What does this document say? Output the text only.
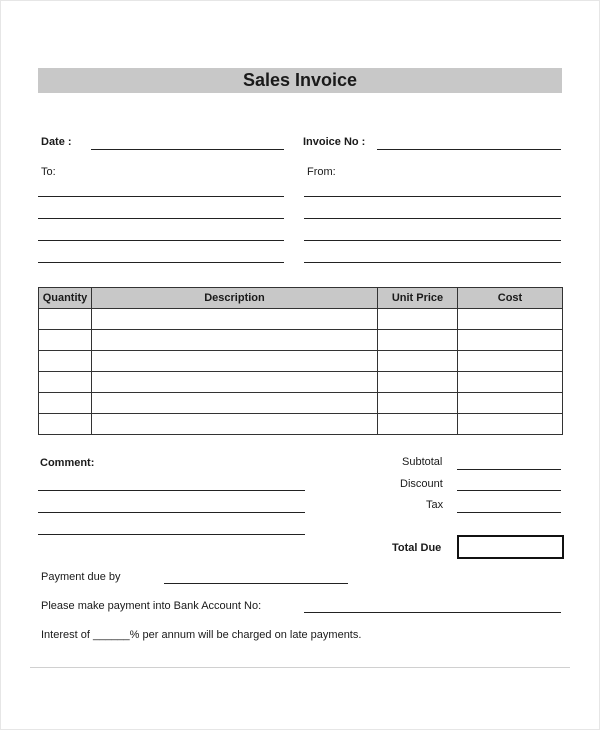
Sales Invoice
Date :	Invoice No :
To:	From:
Quantity	Description	Unit Price	Cost

Comment:	Subtotal
Discount
Tax
Total Due
Payment due by
Please make payment into Bank Account No:
Interest of ______% per annum will be charged on late payments.
